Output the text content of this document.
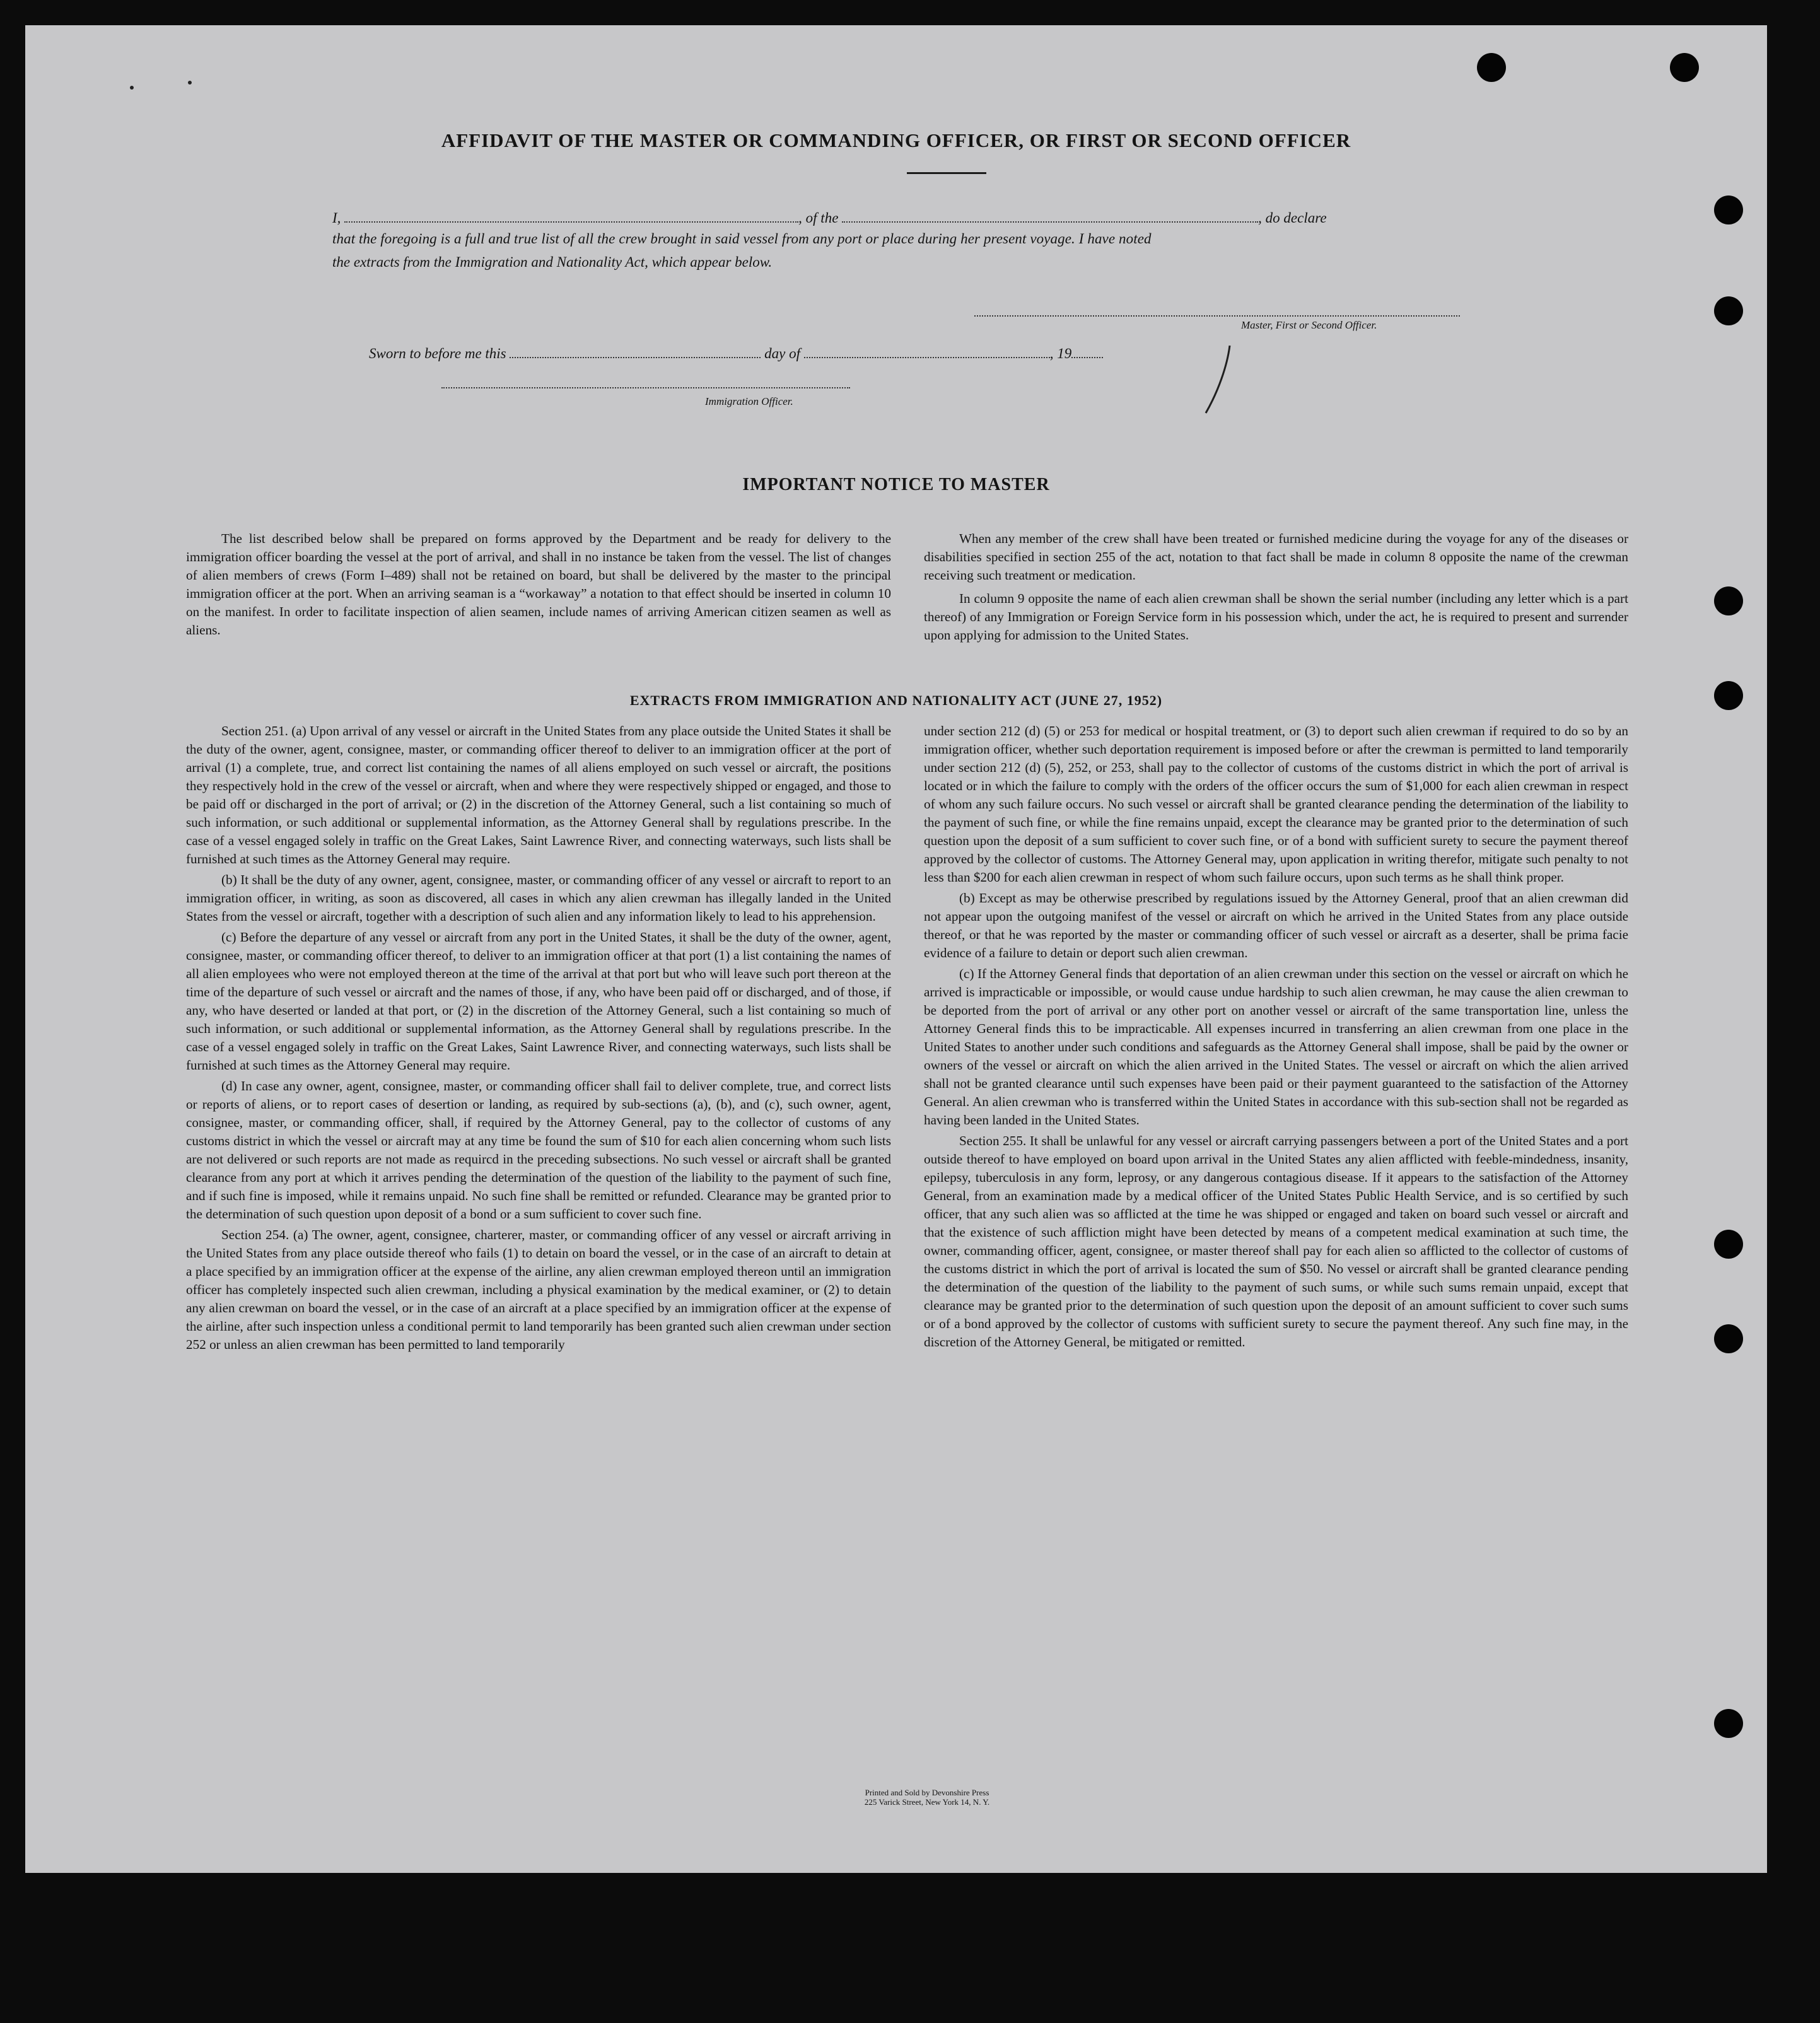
AFFIDAVIT OF THE MASTER OR COMMANDING OFFICER, OR FIRST OR SECOND OFFICER
I,	, of the	, do declare
that the foregoing is a full and true list of all the crew brought in said vessel from any port or place during her present voyage. I have noted
the extracts from the Immigration and Nationality Act, which appear below.
Master, First or Second Officer.
Sworn to before me this	day of	, 19
Immigration Officer.
IMPORTANT NOTICE TO MASTER

The list described below shall be prepared on forms approved by the Department and be ready for delivery to the immigration officer boarding the vessel at the port of arrival, and shall in no instance be taken from the vessel. The list of changes of alien members of crews (Form I–489) shall not be retained on board, but shall be delivered by the master to the principal immigration officer at the port. When an arriving seaman is a “workaway” a notation to that effect should be inserted in column 10 on the manifest. In order to facilitate inspection of alien seamen, include names of arriving American citizen seamen as well as aliens.

When any member of the crew shall have been treated or furnished medicine during the voyage for any of the diseases or disabilities specified in section 255 of the act, notation to that fact shall be made in column 8 opposite the name of the crewman receiving such treatment or medication.

In column 9 opposite the name of each alien crewman shall be shown the serial number (including any letter which is a part thereof) of any Immigration or Foreign Service form in his possession which, under the act, he is required to present and surrender upon applying for admission to the United States.

EXTRACTS FROM IMMIGRATION AND NATIONALITY ACT (JUNE 27, 1952)

Section 251. (a) Upon arrival of any vessel or aircraft in the United States from any place outside the United States it shall be the duty of the owner, agent, consignee, master, or commanding officer thereof to deliver to an immigration officer at the port of arrival (1) a complete, true, and correct list containing the names of all aliens employed on such vessel or aircraft, the positions they respectively hold in the crew of the vessel or aircraft, when and where they were respectively shipped or engaged, and those to be paid off or discharged in the port of arrival; or (2) in the discretion of the Attorney General, such a list containing so much of such information, or such additional or supplemental information, as the Attorney General shall by regulations prescribe. In the case of a vessel engaged solely in traffic on the Great Lakes, Saint Lawrence River, and connecting waterways, such lists shall be furnished at such times as the Attorney General may require.

(b) It shall be the duty of any owner, agent, consignee, master, or commanding officer of any vessel or aircraft to report to an immigration officer, in writing, as soon as discovered, all cases in which any alien crewman has illegally landed in the United States from the vessel or aircraft, together with a description of such alien and any information likely to lead to his apprehension.

(c) Before the departure of any vessel or aircraft from any port in the United States, it shall be the duty of the owner, agent, consignee, master, or commanding officer thereof, to deliver to an immigration officer at that port (1) a list containing the names of all alien employees who were not employed thereon at the time of the arrival at that port but who will leave such port thereon at the time of the departure of such vessel or aircraft and the names of those, if any, who have been paid off or discharged, and of those, if any, who have deserted or landed at that port, or (2) in the discretion of the Attorney General, such a list containing so much of such information, or such additional or supplemental information, as the Attorney General shall by regulations prescribe. In the case of a vessel engaged solely in traffic on the Great Lakes, Saint Lawrence River, and connecting waterways, such lists shall be furnished at such times as the Attorney General may require.

(d) In case any owner, agent, consignee, master, or commanding officer shall fail to deliver complete, true, and correct lists or reports of aliens, or to report cases of desertion or landing, as required by sub-sections (a), (b), and (c), such owner, agent, consignee, master, or commanding officer, shall, if required by the Attorney General, pay to the collector of customs of any customs district in which the vessel or aircraft may at any time be found the sum of $10 for each alien concerning whom such lists are not delivered or such reports are not made as requircd in the preceding subsections. No such vessel or aircraft shall be granted clearance from any port at which it arrives pending the determination of the question of the liability to the payment of such fine, and if such fine is imposed, while it remains unpaid. No such fine shall be remitted or refunded. Clearance may be granted prior to the determination of such question upon deposit of a bond or a sum sufficient to cover such fine.

Section 254. (a) The owner, agent, consignee, charterer, master, or commanding officer of any vessel or aircraft arriving in the United States from any place outside thereof who fails (1) to detain on board the vessel, or in the case of an aircraft to detain at a place specified by an immigration officer at the expense of the airline, any alien crewman employed thereon until an immigration officer has completely inspected such alien crewman, including a physical examination by the medical examiner, or (2) to detain any alien crewman on board the vessel, or in the case of an aircraft at a place specified by an immigration officer at the expense of the airline, after such inspection unless a conditional permit to land temporarily has been granted such alien crewman under section 252 or unless an alien crewman has been permitted to land temporarily

under section 212 (d) (5) or 253 for medical or hospital treatment, or (3) to deport such alien crewman if required to do so by an immigration officer, whether such deportation requirement is imposed before or after the crewman is permitted to land temporarily under section 212 (d) (5), 252, or 253, shall pay to the collector of customs of the customs district in which the port of arrival is located or in which the failure to comply with the orders of the officer occurs the sum of $1,000 for each alien crewman in respect of whom any such failure occurs. No such vessel or aircraft shall be granted clearance pending the determination of the liability to the payment of such fine, or while the fine remains unpaid, except the clearance may be granted prior to the determination of such question upon the deposit of a sum sufficient to cover such fine, or of a bond with sufficient surety to secure the payment thereof approved by the collector of customs. The Attorney General may, upon application in writing therefor, mitigate such penalty to not less than $200 for each alien crewman in respect of whom such failure occurs, upon such terms as he shall think proper.

(b) Except as may be otherwise prescribed by regulations issued by the Attorney General, proof that an alien crewman did not appear upon the outgoing manifest of the vessel or aircraft on which he arrived in the United States from any place outside thereof, or that he was reported by the master or commanding officer of such vessel or aircraft as a deserter, shall be prima facie evidence of a failure to detain or deport such alien crewman.

(c) If the Attorney General finds that deportation of an alien crewman under this section on the vessel or aircraft on which he arrived is impracticable or impossible, or would cause undue hardship to such alien crewman, he may cause the alien crewman to be deported from the port of arrival or any other port on another vessel or aircraft of the same transportation line, unless the Attorney General finds this to be impracticable. All expenses incurred in transferring an alien crewman from one place in the United States to another under such conditions and safeguards as the Attorney General shall impose, shall be paid by the owner or owners of the vessel or aircraft on which the alien arrived in the United States. The vessel or aircraft on which the alien arrived shall not be granted clearance until such expenses have been paid or their payment guaranteed to the satisfaction of the Attorney General. An alien crewman who is transferred within the United States in accordance with this sub-section shall not be regarded as having been landed in the United States.

Section 255. It shall be unlawful for any vessel or aircraft carrying passengers between a port of the United States and a port outside thereof to have employed on board upon arrival in the United States any alien afflicted with feeble-mindedness, insanity, epilepsy, tuberculosis in any form, leprosy, or any dangerous contagious disease. If it appears to the satisfaction of the Attorney General, from an examination made by a medical officer of the United States Public Health Service, and is so certified by such officer, that any such alien was so afflicted at the time he was shipped or engaged and taken on board such vessel or aircraft and that the existence of such affliction might have been detected by means of a competent medical examination at such time, the owner, commanding officer, agent, consignee, or master thereof shall pay for each alien so afflicted to the collector of customs of the customs district in which the port of arrival is located the sum of $50. No vessel or aircraft shall be granted clearance pending the determination of the question of the liability to the payment of such sums, or while such sums remain unpaid, except that clearance may be granted prior to the determination of such question upon the deposit of an amount sufficient to cover such sums or of a bond approved by the collector of customs with sufficient surety to secure the payment thereof. Any such fine may, in the discretion of the Attorney General, be mitigated or remitted.

Printed and Sold by Devonshire Press
225 Varick Street, New York 14, N. Y.
